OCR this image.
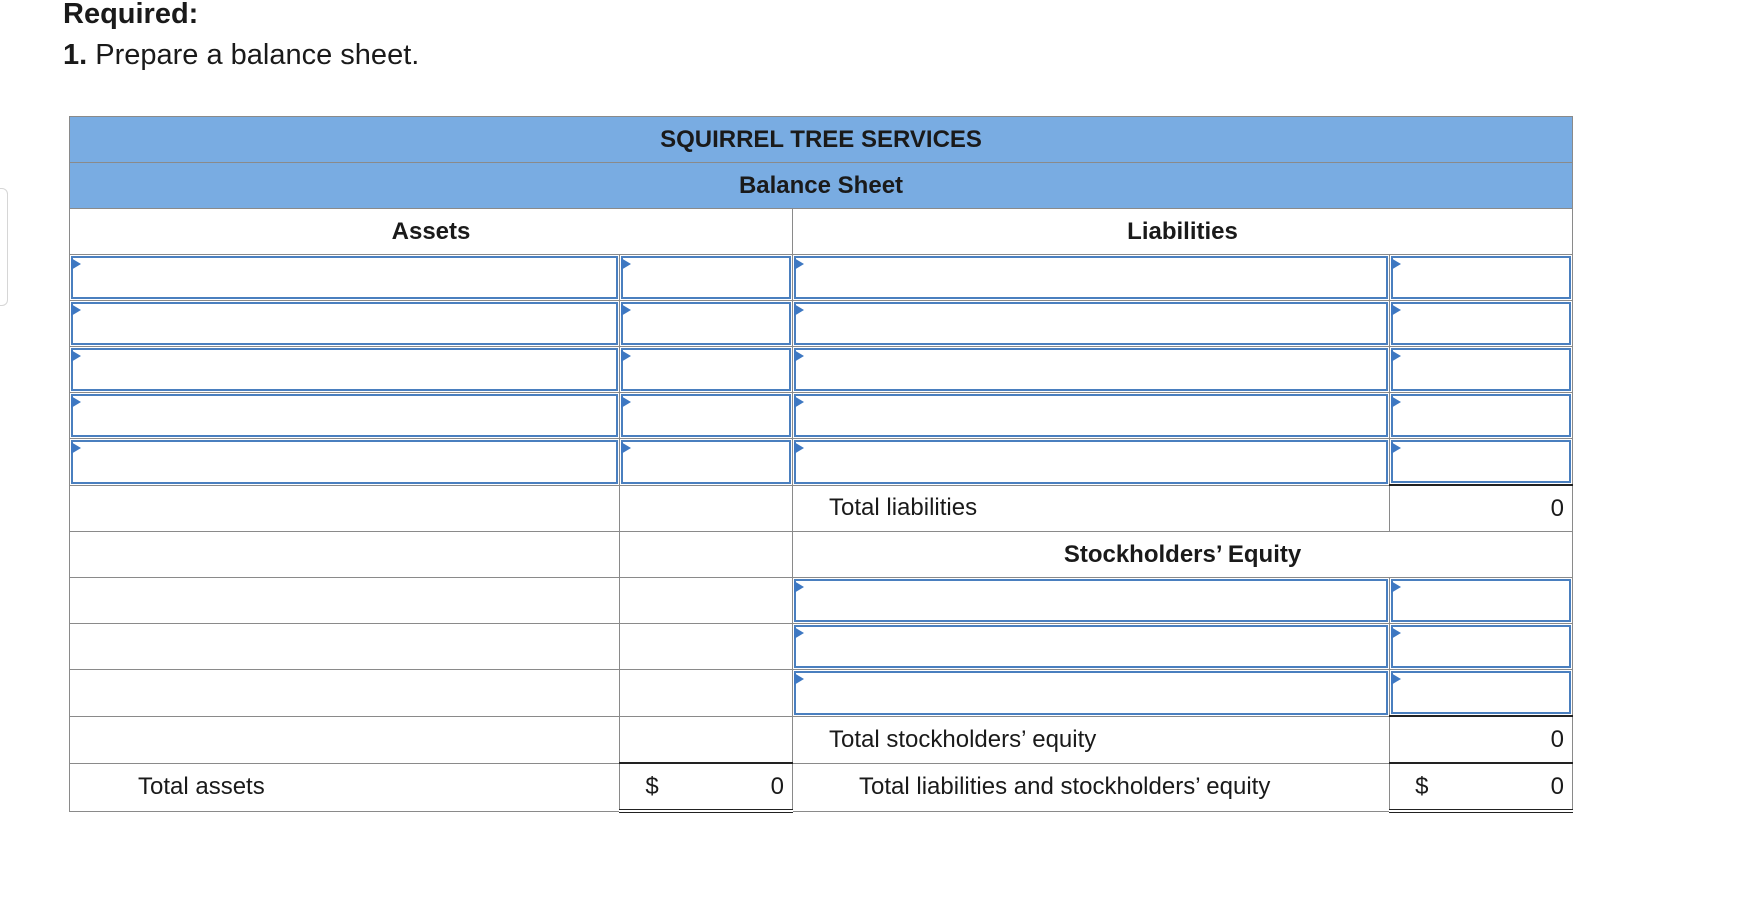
Required:
1. Prepare a balance sheet.
SQUIRREL TREE SERVICES			
Balance Sheet			
Assets		Liabilities	

		Total liabilities	0
		Stockholders’ Equity	

		Total stockholders’ equity	0
Total assets	$ 0	Total liabilities and stockholders’ equity	$ 0
